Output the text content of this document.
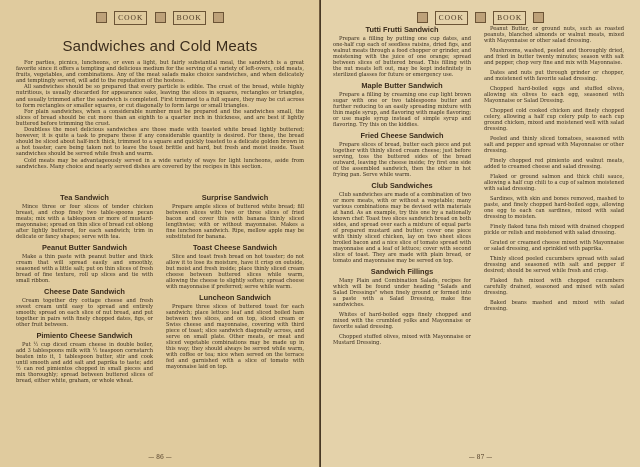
COOK	BOOK
Sandwiches and Cold Meats

For parties, picnics, luncheons, or even a light, but fairly substantial meal, the sandwich is a great favorite since it offers a tempting and delicious medium for the serving of a variety of left-overs, cold meats, fruits, vegetables, and combinations. Any of the meat salads make choice sandwiches, and when delicately and temptingly served, will add to the reputation of the hostess.

All sandwiches should be so prepared that every particle is edible. The crust of the bread, while highly nutritious, is usually discarded for appearance sake, leaving the slices in squares, rectangles or triangles, and usually trimmed after the sandwich is completed. First trimmed to a full square, they may be cut across to form rectangles or smaller squares, or cut diagonally to form large or small triangles.

For plain sandwiches, when a considerable number must be prepared and the sandwiches small, the slices of bread should be cut more than an eighth to a quarter inch in thickness, and are best if lightly buttered before trimming the crust.

Doubtless the most delicious sandwiches are those made with toasted white bread lightly buttered; however, it is quite a task to prepare these if any considerable quantity is desired. For these, the bread should be sliced about half-inch thick, trimmed to a square and quickly toasted to a delicate golden brown in a hot toaster, care being taken not to leave the toast brittle and hard, but fresh and moist inside. Toast sandwiches should be served while fresh and warm.

Cold meats may be advantageously served in a wide variety of ways for light luncheons, aside from sandwiches. Many choice and nearly served dishes are covered by the recipes in this section.

Tea Sandwich

Mince three or four slices of tender chicken breast, and chop finely two table-spoons pecan meats; mix with a tablespoon or more of mustard-mayonnaise; spread on thin slice of bread cut oblong after lightly buttered, for each sandwich; trim in delicate or fancy shapes; serve with tea.

Peanut Butter Sandwich

Make a thin paste with peanut butter and thick cream that will spread easily and smoothly, seasoned with a little salt; put on thin slices of fresh bread of fine texture, roll up slices and tie with small ribbon.

Cheese Date Sandwich

Cream together dry cottage cheese and fresh sweet cream until easy to spread and entirely smooth; spread on each slice of nut bread, and put together in pairs with finely chopped dates, figs, or other fruit between.

Pimiento Cheese Sandwich

Put ½ cup diced cream cheese in double boiler, add 3 tablespoons milk with ½ teaspoon cornstarch beaten into it, 1 tablespoon butter, stir and cook until smooth and add salt and paprika to taste; add ½ can red pimientos chopped in small pieces and mix thoroughly; spread between buttered slices of bread, either white, graham, or whole wheat.

Surprise Sandwich

Prepare ample slices of buttered white bread; fill between slices with two or three slices of fried bacon and cover this with banana thinly sliced lengthwise; with or without mayonnaise. Makes a fine luncheon sandwich. Ripe, mellow apple may be substituted for banana.

Toast Cheese Sandwich

Slice and toast fresh bread on hot toaster; do not allow it to lose its moisture, have it crisp on outside, but moist and fresh inside; place thinly sliced cream cheese between buttered slices while warm, allowing the cheese to slightly soften; spread cheese with mayonnaise if preferred; serve while warm.

Luncheon Sandwich

Prepare three slices of buttered toast for each sandwich; place lettuce leaf and sliced boiled ham between two slices, and on top, sliced cream or Swiss cheese and mayonnaise, covering with third piece of toast; slice sandwich diagonally across, and serve on small plate. Other meats, or meat and sliced vegetable combinations may be made up in this way; they should always be served while warm, with coffee or tea; nice when served on the terrace fed and garnished with a slice of tomato with mayonnaise laid on top.

— 86 —
COOK	BOOK
Tutti Frutti Sandwich

Prepare a filling by putting one cup dates, and one-half cup each of seedless raisins, dried figs, and walnut meats through a food chopper or grinder, and moistening with the juice of one orange; spread between slices of buttered bread. This filling with the nut meats left out, may be kept indefinitely in sterilized glasses for future or emergency use.

Maple Butter Sandwich

Prepare a filling by creaming one cup light brown sugar with one or two tablespoons butter and further reducing to an easily spreading mixture with thin maple syrup, and flavoring with maple flavoring; or use maple syrup instead of simple syrup and flavoring. Try this on the kiddies.

Fried Cheese Sandwich

Prepare slices of bread, butter each piece and put together with thinly sliced cream cheese; just before serving, toss the buttered sides of the bread outward, leaving the cheese inside; fry first one side of the assembled sandwich, then the other in hot frying pan. Serve while warm.

Club Sandwiches

Club sandwiches are made of a combination of two or more meats, with or without a vegetable; many various combinations may be devised with materials at hand. As an example, try this one by a nationally known chef: Toast two slices sandwich bread on both sides, and spread over each a mixture of equal parts of prepared mustard and butter; cover one piece with thinly sliced chicken, lay on two sheet slices broiled bacon and a nice slice of tomato spread with mayonnaise and a leaf of lettuce; cover with second slice of toast. They are made with plain bread, or tomato and mayonnaise may be served on top.

Sandwich Fillings

Many Plain and Combination Salads, recipes for which will be found under heading "Salads and Salad Dressings" when finely ground or formed into a paste with a Salad Dressing, make fine sandwiches.

Whites of hard-boiled eggs finely chopped and mixed with the crumbled yolks and Mayonnaise or favorite salad dressing.

Chopped stuffed olives, mixed with Mayonnaise or Mustard Dressing.

Peanut Butter, or ground nuts, such as roasted peanuts, blanched almonds or walnut meats, mixed with Mayonnaise or other salad dressing.

Mushrooms, washed, peeled and thoroughly dried, and fried in butter twenty minutes; season with salt and pepper, chop very fine and mix with Mayonnaise.

Dates and nuts put through grinder or chopper, and moistened with favorite salad dressing.

Chopped hard-boiled eggs and stuffed olives, allowing six olives to each egg, seasoned with Mayonnaise or Salad Dressing.

Chopped cold cooked chicken and finely chopped celery, allowing a half cup celery pulp to each cup ground chicken, mixed and moistened well with salad dressing.

Peeled and thinly sliced tomatoes, seasoned with salt and pepper and spread with Mayonnaise or other dressing.

Finely chopped red pimiento and walnut meats, added to creamed cheese and salad dressing.

Flaked or ground salmon and thick chili sauce, allowing a half cup chili to a cup of salmon moistened with salad dressing.

Sardines, with skin and bones removed, mashed to paste, and finely chopped hard-boiled eggs, allowing one egg to each can sardines, mixed with salad dressing to moisten.

Finely flaked tuna fish mixed with drained chopped pickle or relish and moistened with salad dressing.

Grated or creamed cheese mixed with Mayonnaise or salad dressing, and sprinkled with paprika.

Thinly sliced peeled cucumbers spread with salad dressing and seasoned with salt and pepper if desired; should be served while fresh and crisp.

Flaked fish mixed with chopped cucumbers carefully drained, seasoned and mixed with salad dressing.

Baked beans mashed and mixed with salad dressing.

— 87 —
